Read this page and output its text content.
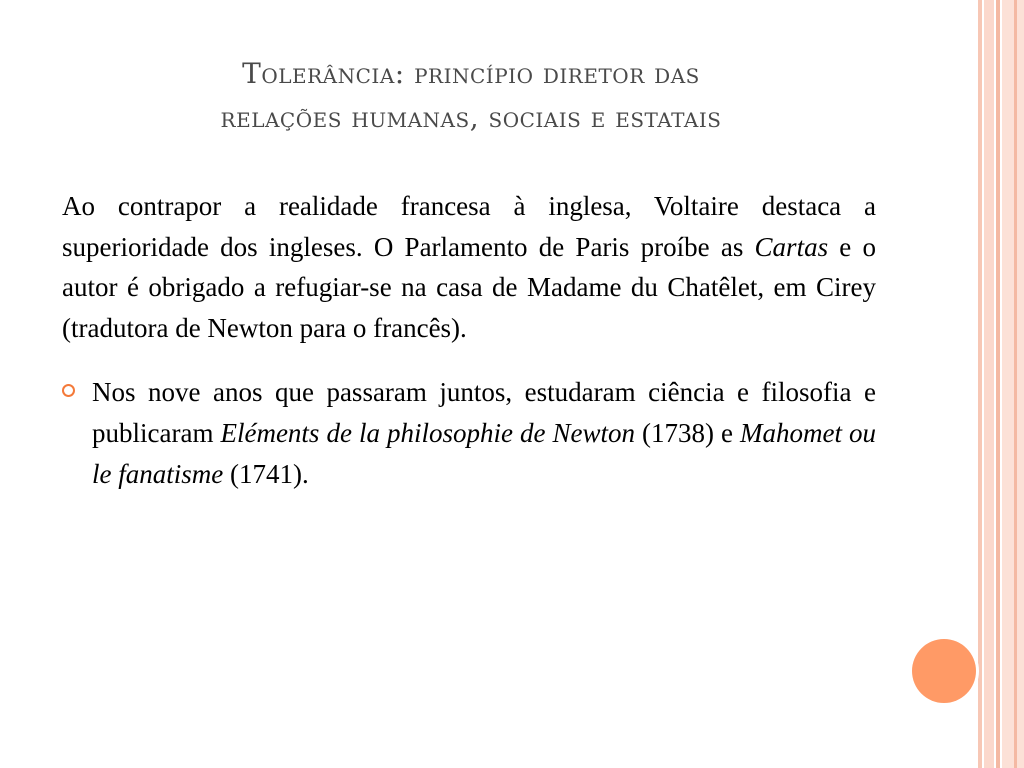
Tolerância: princípio diretor das
relações humanas, sociais e estatais

Ao contrapor a realidade francesa à inglesa, Voltaire destaca a superioridade dos ingleses. O Parlamento de Paris proíbe as Cartas e o autor é obrigado a refugiar-se na casa de Madame du Chatêlet, em Cirey (tradutora de Newton para o francês).

Nos nove anos que passaram juntos, estudaram ciência e filosofia e publicaram Eléments de la philosophie de Newton (1738) e Mahomet ou le fanatisme (1741).
